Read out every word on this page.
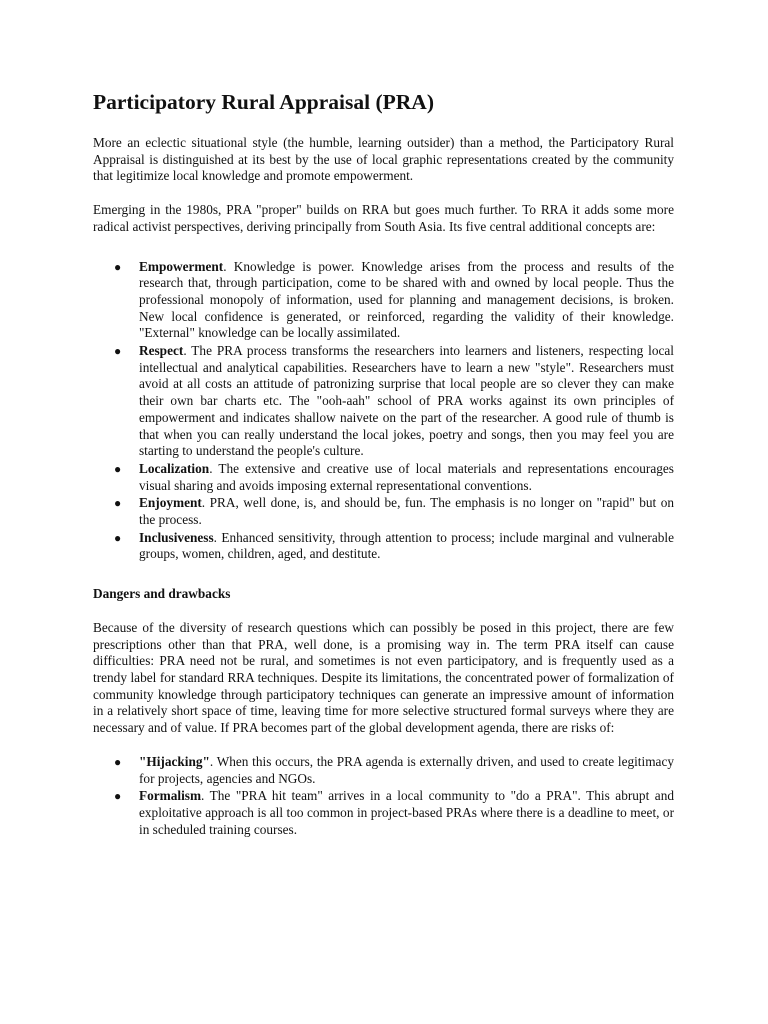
Participatory Rural Appraisal (PRA)

More an eclectic situational style (the humble, learning outsider) than a method, the Participatory Rural Appraisal is distinguished at its best by the use of local graphic representations created by the community that legitimize local knowledge and promote empowerment.

Emerging in the 1980s, PRA "proper" builds on RRA but goes much further. To RRA it adds some more radical activist perspectives, deriving principally from South Asia. Its five central additional concepts are:

● Empowerment. Knowledge is power. Knowledge arises from the process and results of the research that, through participation, come to be shared with and owned by local people. Thus the professional monopoly of information, used for planning and management decisions, is broken. New local confidence is generated, or reinforced, regarding the validity of their knowledge. "External" knowledge can be locally assimilated.
● Respect. The PRA process transforms the researchers into learners and listeners, respecting local intellectual and analytical capabilities. Researchers have to learn a new "style". Researchers must avoid at all costs an attitude of patronizing surprise that local people are so clever they can make their own bar charts etc. The "ooh-aah" school of PRA works against its own principles of empowerment and indicates shallow naivete on the part of the researcher. A good rule of thumb is that when you can really understand the local jokes, poetry and songs, then you may feel you are starting to understand the people's culture.
● Localization. The extensive and creative use of local materials and representations encourages visual sharing and avoids imposing external representational conventions.
● Enjoyment. PRA, well done, is, and should be, fun. The emphasis is no longer on "rapid" but on the process.
● Inclusiveness. Enhanced sensitivity, through attention to process; include marginal and vulnerable groups, women, children, aged, and destitute.
Dangers and drawbacks

Because of the diversity of research questions which can possibly be posed in this project, there are few prescriptions other than that PRA, well done, is a promising way in. The term PRA itself can cause difficulties: PRA need not be rural, and sometimes is not even participatory, and is frequently used as a trendy label for standard RRA techniques. Despite its limitations, the concentrated power of formalization of community knowledge through participatory techniques can generate an impressive amount of information in a relatively short space of time, leaving time for more selective structured formal surveys where they are necessary and of value. If PRA becomes part of the global development agenda, there are risks of:

● "Hijacking". When this occurs, the PRA agenda is externally driven, and used to create legitimacy for projects, agencies and NGOs.
● Formalism. The "PRA hit team" arrives in a local community to "do a PRA". This abrupt and exploitative approach is all too common in project-based PRAs where there is a deadline to meet, or in scheduled training courses.
